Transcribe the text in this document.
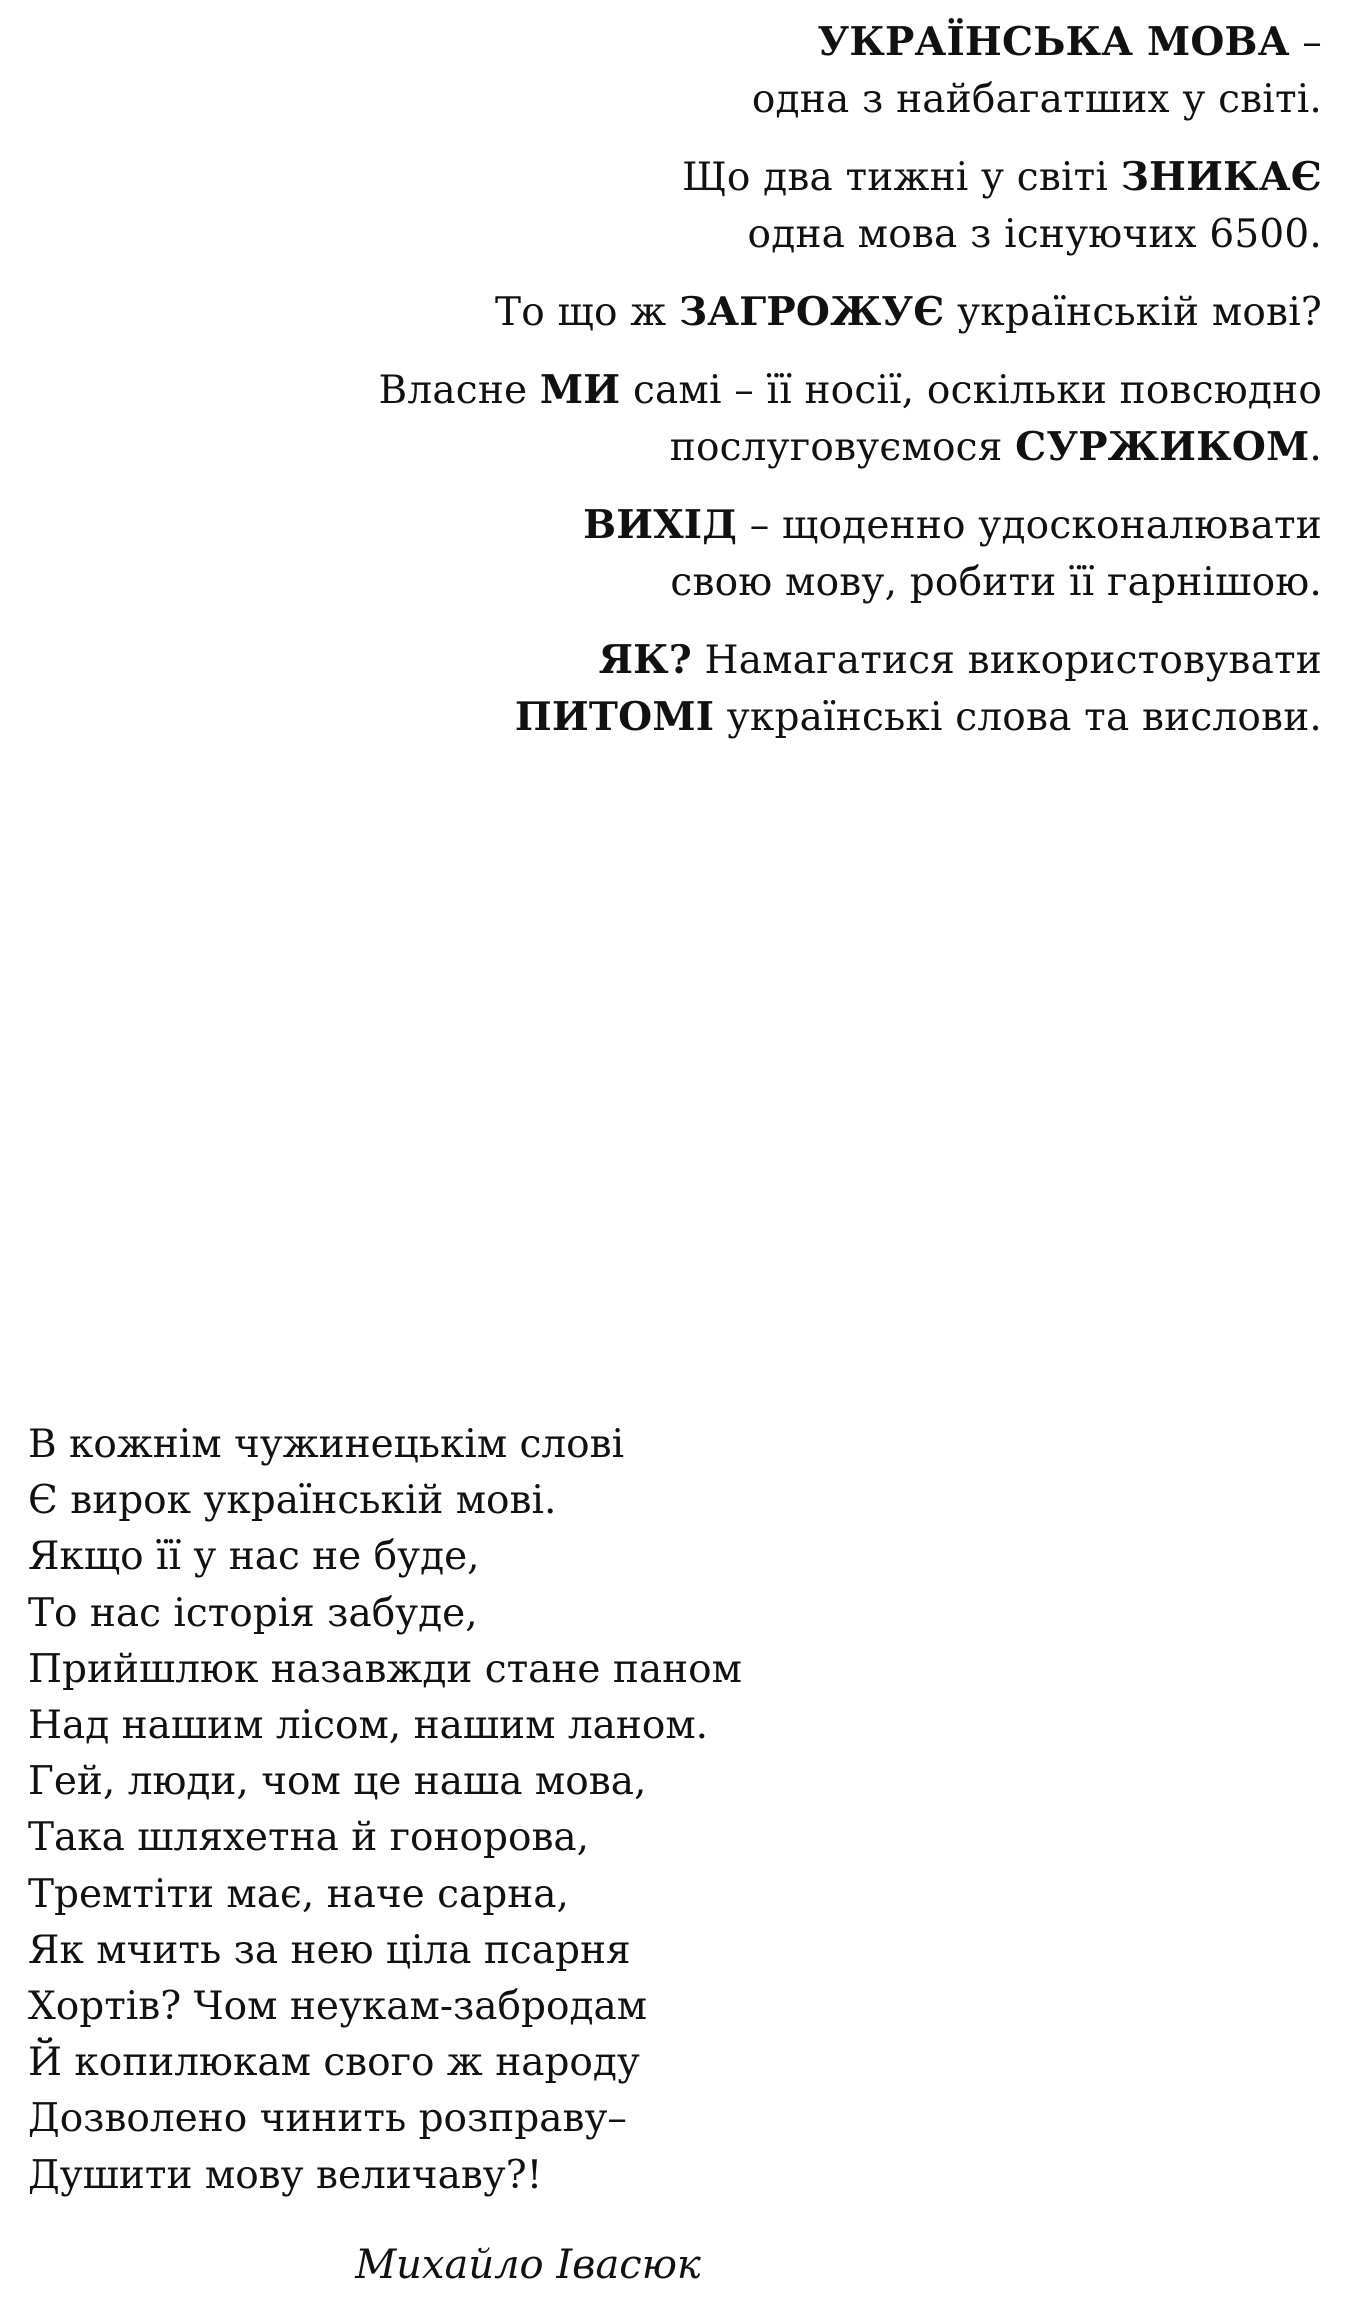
УКРАЇНСЬКА МОВА –
одна з найбагатших у світі.

Що два тижні у світі ЗНИКАЄ
одна мова з існуючих 6500.

То що ж ЗАГРОЖУЄ українській мові?

Власне МИ самі – її носії, оскільки повсюдно
послуговуємося СУРЖИКОМ.

ВИХІД – щоденно удосконалювати
свою мову, робити її гарнішою.

ЯК? Намагатися використовувати
ПИТОМІ українські слова та вислови.

В кожнім чужинецькім слові
Є вирок українській мові.
Якщо її у нас не буде,
То нас історія забуде,
Прийшлюк назавжди стане паном
Над нашим лісом, нашим ланом.
Гей, люди, чом це наша мова,
Така шляхетна й гонорова,
Тремтіти має, наче сарна,
Як мчить за нею ціла псарня
Хортів? Чом неукам-забродам
Й копилюкам свого ж народу
Дозволено чинить розправу–
Душити мову величаву?!
Михайло Івасюк
